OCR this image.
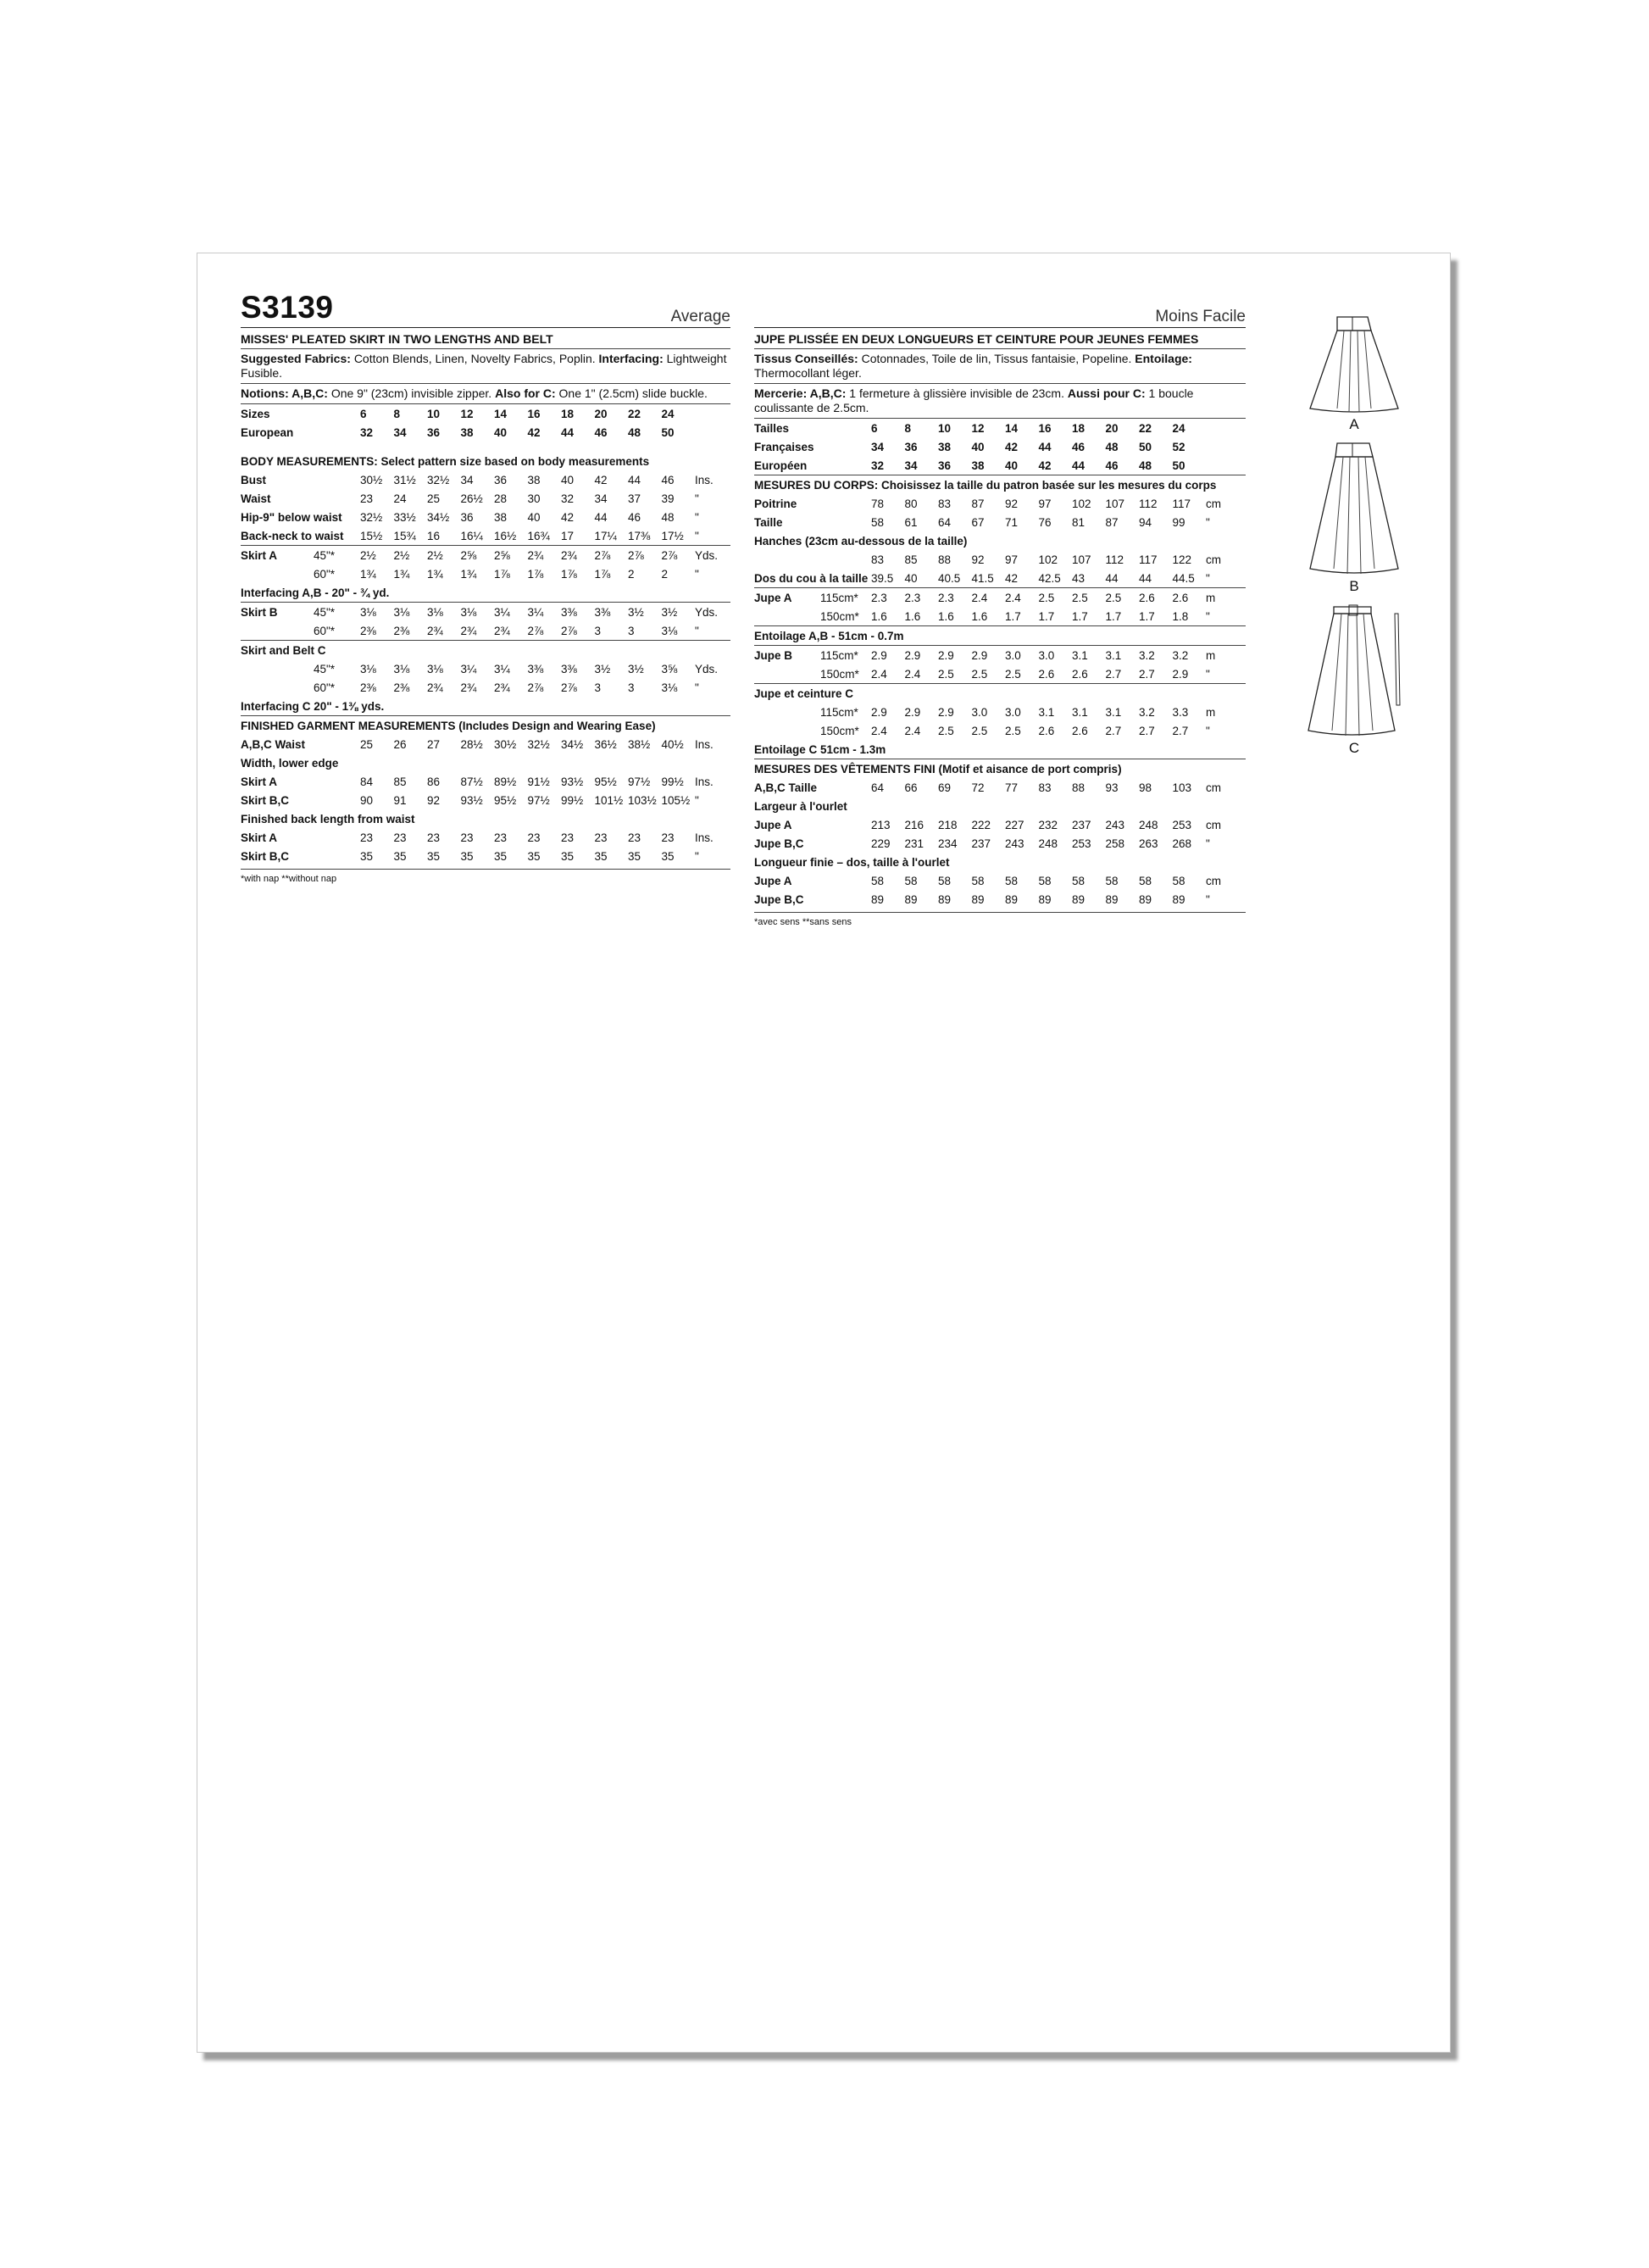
S3139	Average
MISSES' PLEATED SKIRT IN TWO LENGTHS AND BELT
Suggested Fabrics: Cotton Blends, Linen, Novelty Fabrics, Poplin. Interfacing: Lightweight Fusible.
Notions: A,B,C: One 9" (23cm) invisible zipper. Also for C: One 1" (2.5cm) slide buckle.
Sizes		6	8	10	12	14	16	18	20	22	24	
European		32	34	36	38	40	42	44	46	48	50	

BODY MEASUREMENTS: Select pattern size based on body measurements												
Bust		30½	31½	32½	34	36	38	40	42	44	46	Ins.
Waist		23	24	25	26½	28	30	32	34	37	39	"
Hip-9" below waist		32½	33½	34½	36	38	40	42	44	46	48	"
Back-neck to waist		15½	15¾	16	16¼	16½	16¾	17	17¼	17⅜	17½	"
Skirt A	45"*	2½	2½	2½	2⅝	2⅝	2¾	2¾	2⅞	2⅞	2⅞	Yds.
	60"*	1¾	1¾	1¾	1¾	1⅞	1⅞	1⅞	1⅞	2	2	"
Interfacing A,B - 20" - ¾ yd.												
Skirt B	45"*	3⅛	3⅛	3⅛	3⅛	3¼	3¼	3⅜	3⅜	3½	3½	Yds.
	60"*	2⅜	2⅜	2¾	2¾	2¾	2⅞	2⅞	3	3	3⅛	"
Skirt and Belt C												
	45"*	3⅛	3⅛	3⅛	3¼	3¼	3⅜	3⅜	3½	3½	3⅝	Yds.
	60"*	2⅜	2⅜	2¾	2¾	2¾	2⅞	2⅞	3	3	3⅛	"
Interfacing C 20" - 1⅜ yds.												
FINISHED GARMENT MEASUREMENTS (Includes Design and Wearing Ease)												
A,B,C Waist		25	26	27	28½	30½	32½	34½	36½	38½	40½	Ins.
Width, lower edge												
Skirt A		84	85	86	87½	89½	91½	93½	95½	97½	99½	Ins.
Skirt B,C		90	91	92	93½	95½	97½	99½	101½	103½	105½	"
Finished back length from waist												
Skirt A		23	23	23	23	23	23	23	23	23	23	Ins.
Skirt B,C		35	35	35	35	35	35	35	35	35	35	"
*with nap **without nap
Moins Facile
JUPE PLISSÉE EN DEUX LONGUEURS ET CEINTURE POUR JEUNES FEMMES
Tissus Conseillés: Cotonnades, Toile de lin, Tissus fantaisie, Popeline. Entoilage: Thermocollant léger.
Mercerie: A,B,C: 1 fermeture à glissière invisible de 23cm. Aussi pour C: 1 boucle coulissante de 2.5cm.
Tailles		6	8	10	12	14	16	18	20	22	24	
Françaises		34	36	38	40	42	44	46	48	50	52	
Européen		32	34	36	38	40	42	44	46	48	50	
MESURES DU CORPS: Choisissez la taille du patron basée sur les mesures du corps												
Poitrine		78	80	83	87	92	97	102	107	112	117	cm
Taille		58	61	64	67	71	76	81	87	94	99	"
Hanches (23cm au-dessous de la taille)												
		83	85	88	92	97	102	107	112	117	122	cm
Dos du cou à la taille		39.5	40	40.5	41.5	42	42.5	43	44	44	44.5	"
Jupe A	115cm*	2.3	2.3	2.3	2.4	2.4	2.5	2.5	2.5	2.6	2.6	m
	150cm*	1.6	1.6	1.6	1.6	1.7	1.7	1.7	1.7	1.7	1.8	"
Entoilage A,B - 51cm - 0.7m												
Jupe B	115cm*	2.9	2.9	2.9	2.9	3.0	3.0	3.1	3.1	3.2	3.2	m
	150cm*	2.4	2.4	2.5	2.5	2.5	2.6	2.6	2.7	2.7	2.9	"
Jupe et ceinture C												
	115cm*	2.9	2.9	2.9	3.0	3.0	3.1	3.1	3.1	3.2	3.3	m
	150cm*	2.4	2.4	2.5	2.5	2.5	2.6	2.6	2.7	2.7	2.7	"
Entoilage C 51cm - 1.3m												
MESURES DES VÊTEMENTS FINI (Motif et aisance de port compris)												
A,B,C Taille		64	66	69	72	77	83	88	93	98	103	cm
Largeur à l'ourlet												
Jupe A		213	216	218	222	227	232	237	243	248	253	cm
Jupe B,C		229	231	234	237	243	248	253	258	263	268	"
Longueur finie – dos, taille à l'ourlet												
Jupe A		58	58	58	58	58	58	58	58	58	58	cm
Jupe B,C		89	89	89	89	89	89	89	89	89	89	"
*avec sens **sans sens
A
B
C
